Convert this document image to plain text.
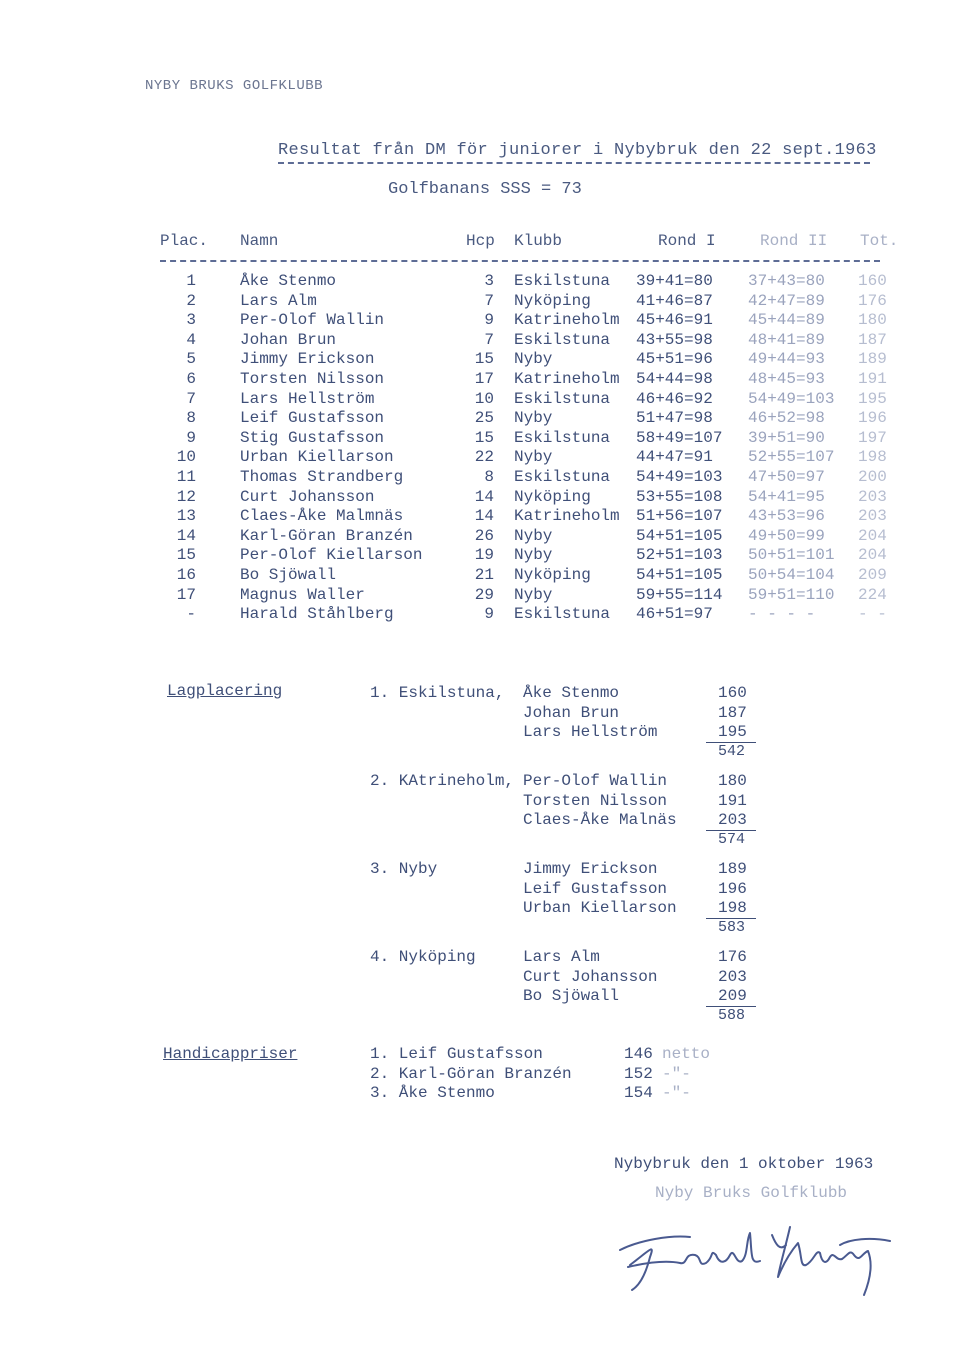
NYBY BRUKS GOLFKLUBB
Resultat från DM för juniorer i Nybybruk den 22 sept.1963
Golfbanans SSS = 73
Plac. Namn	Hcp Klubb	Rond I	Rond II Tot.
1	Åke Stenmo	3 Eskilstuna 39+41=80 37+43=80 160
2	Lars Alm	7 Nyköping	41+46=87 42+47=89 176
3	Per-Olof Wallin	9 Katrineholm 45+46=91 45+44=89 180
4	Johan Brun	7 Eskilstuna 43+55=98 48+41=89 187
5	Jimmy Erickson	15 Nyby	45+51=96 49+44=93 189
6	Torsten Nilsson	17 Katrineholm 54+44=98 48+45=93 191
7	Lars Hellström	10 Eskilstuna 46+46=92 54+49=103 195
8	Leif Gustafsson	25 Nyby	51+47=98 46+52=98 196
9	Stig Gustafsson	15 Eskilstuna 58+49=107 39+51=90 197
10	Urban Kiellarson	22 Nyby	44+47=91 52+55=107 198
11	Thomas Strandberg	8 Eskilstuna 54+49=103 47+50=97 200
12	Curt Johansson	14 Nyköping	53+55=108 54+41=95 203
13	Claes-Åke Malmnäs	14 Katrineholm 51+56=107 43+53=96 203
14	Karl-Göran Branzén	26 Nyby	54+51=105 49+50=99 204
15	Per-Olof Kiellarson	19 Nyby	52+51=103 50+51=101 204
16	Bo Sjöwall	21 Nyköping	54+51=105 50+54=104 209
17	Magnus Waller	29 Nyby	59+55=114 59+51=110 224
-	Harald Ståhlberg	9 Eskilstuna 46+51=97 - - - -	- -
Lagplacering	1. Eskilstuna, Åke Stenmo	160
Johan Brun	187
Lars Hellström	195
542
2. KAtrineholm, Per-Olof Wallin	180
Torsten Nilsson	191
Claes-Åke Malnäs	203
574
3. Nyby	Jimmy Erickson	189
Leif Gustafsson	196
Urban Kiellarson	198
583
4. Nyköping	Lars Alm	176
Curt Johansson	203
Bo Sjöwall	209
588
Handicappriser	1. Leif Gustafsson	146 netto
2. Karl-Göran Branzén	152 -"-
3. Åke Stenmo	154 -"-
Nybybruk den 1 oktober 1963
Nyby Bruks Golfklubb
